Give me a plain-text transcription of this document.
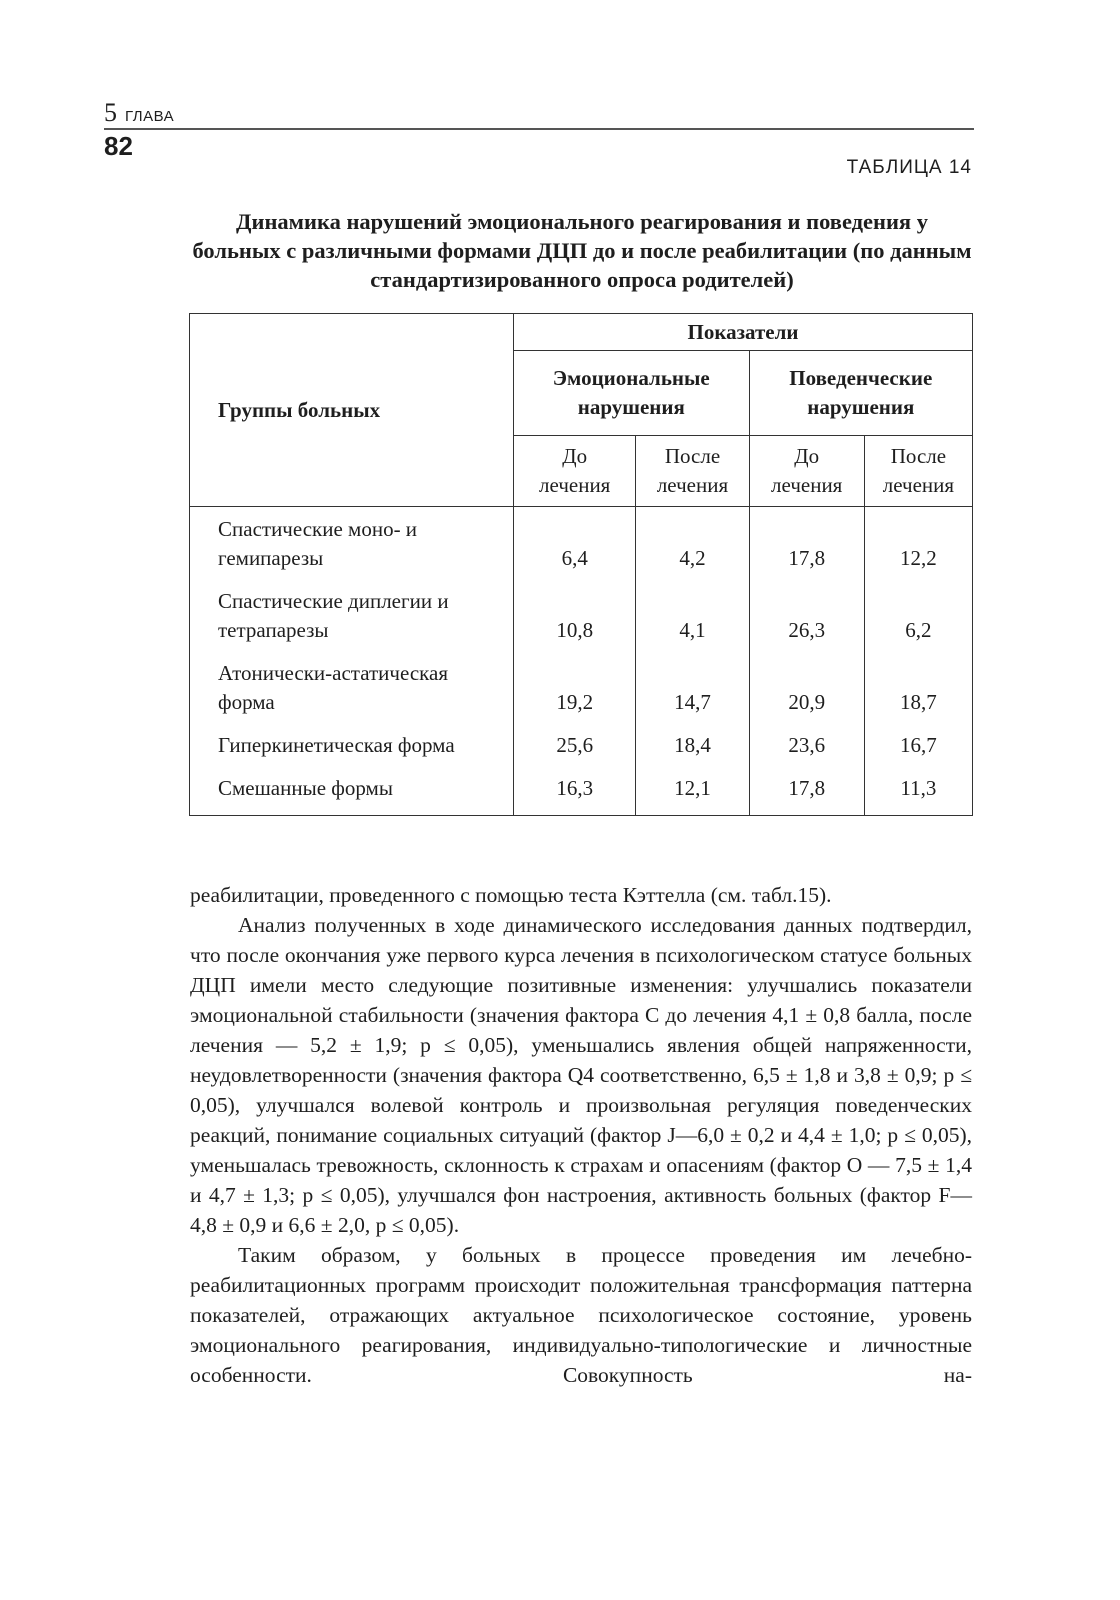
5 ГЛАВА
82
ТАБЛИЦА 14
Динамика нарушений эмоционального реагирования и поведения у больных с различными формами ДЦП до и после реабилитации (по данным стандартизированного опроса родителей)
Группы больных	Показатели			

	Эмоциональные нарушения		Поведенческие нарушения	

	До лечения	После лечения	До лечения	После лечения

Спастические моно- и гемипарезы	6,4	4,2	17,8	12,2

Спастические диплегии и тетрапарезы	10,8	4,1	26,3	6,2

Атонически-астатическая форма	19,2	14,7	20,9	18,7

Гиперкинетическая форма	25,6	18,4	23,6	16,7

Смешанные формы	16,3	12,1	17,8	11,3

реабилитации, проведенного с помощью теста Кэттелла (см. табл.15).

Анализ полученных в ходе динамического исследования данных подтвердил, что после окончания уже первого курса лечения в психологическом статусе больных ДЦП имели место следующие позитивные изменения: улучшались показатели эмоциональной стабильности (значения фактора С до лечения 4,1 ± 0,8 балла, после лечения — 5,2 ± 1,9; р ≤ 0,05), уменьшались явления общей напряженности, неудовлетворенности (значения фактора Q4 соответственно, 6,5 ± 1,8 и 3,8 ± 0,9; р ≤ 0,05), улучшался волевой контроль и произвольная регуляция поведенческих реакций, понимание социальных ситуаций (фактор J—6,0 ± 0,2 и 4,4 ± 1,0; р ≤ 0,05), уменьшалась тревожность, склонность к страхам и опасениям (фактор О — 7,5 ± 1,4 и 4,7 ± 1,3; р ≤ 0,05), улучшался фон настроения, активность больных (фактор F—4,8 ± 0,9 и 6,6 ± 2,0, р ≤ 0,05).

Таким образом, у больных в процессе проведения им лечебно-реабилитационных программ происходит положительная трансформация паттерна показателей, отражающих актуальное психологическое состояние, уровень эмоционального реагирования, индивидуально-типологические и личностные особенности. Совокупность на-
